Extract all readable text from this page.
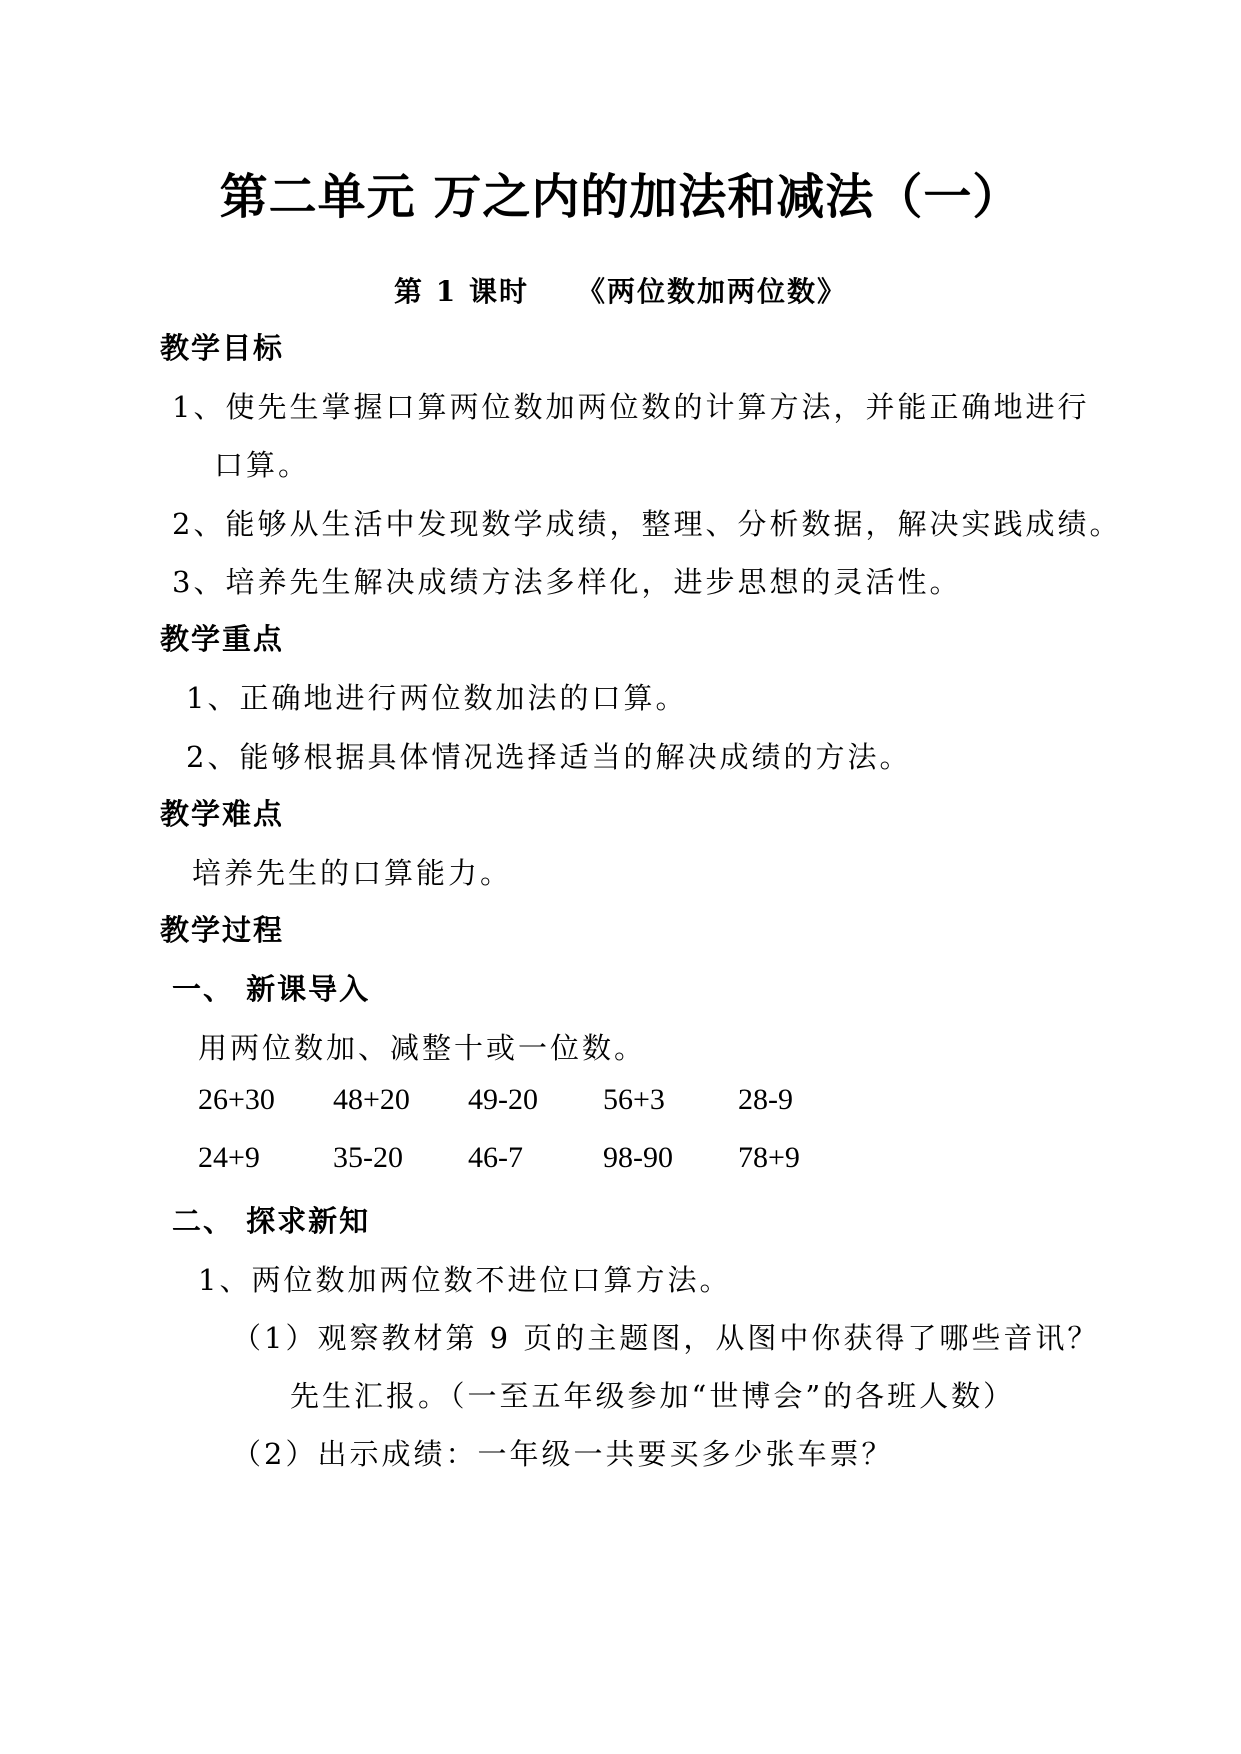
第二单元 万之内的加法和减法（一）
第 1 课时 《两位数加两位数》
教学目标
1、使先生掌握口算两位数加两位数的计算方法，并能正确地进行
口算。
2、能够从生活中发现数学成绩，整理、分析数据，解决实践成绩。
3、培养先生解决成绩方法多样化，进步思想的灵活性。
教学重点
1、正确地进行两位数加法的口算。
2、能够根据具体情况选择适当的解决成绩的方法。
教学难点
培养先生的口算能力。
教学过程
一、 新课导入
用两位数加、减整十或一位数。
26+30 48+20 49-20 56+3 28-9
24+9 35-20 46-7	98-90 78+9
二、 探求新知
1、两位数加两位数不进位口算方法。
（1）观察教材第 9 页的主题图，从图中你获得了哪些音讯？
先生汇报。（一至五年级参加“世博会”的各班人数）
（2）出示成绩：一年级一共要买多少张车票？
